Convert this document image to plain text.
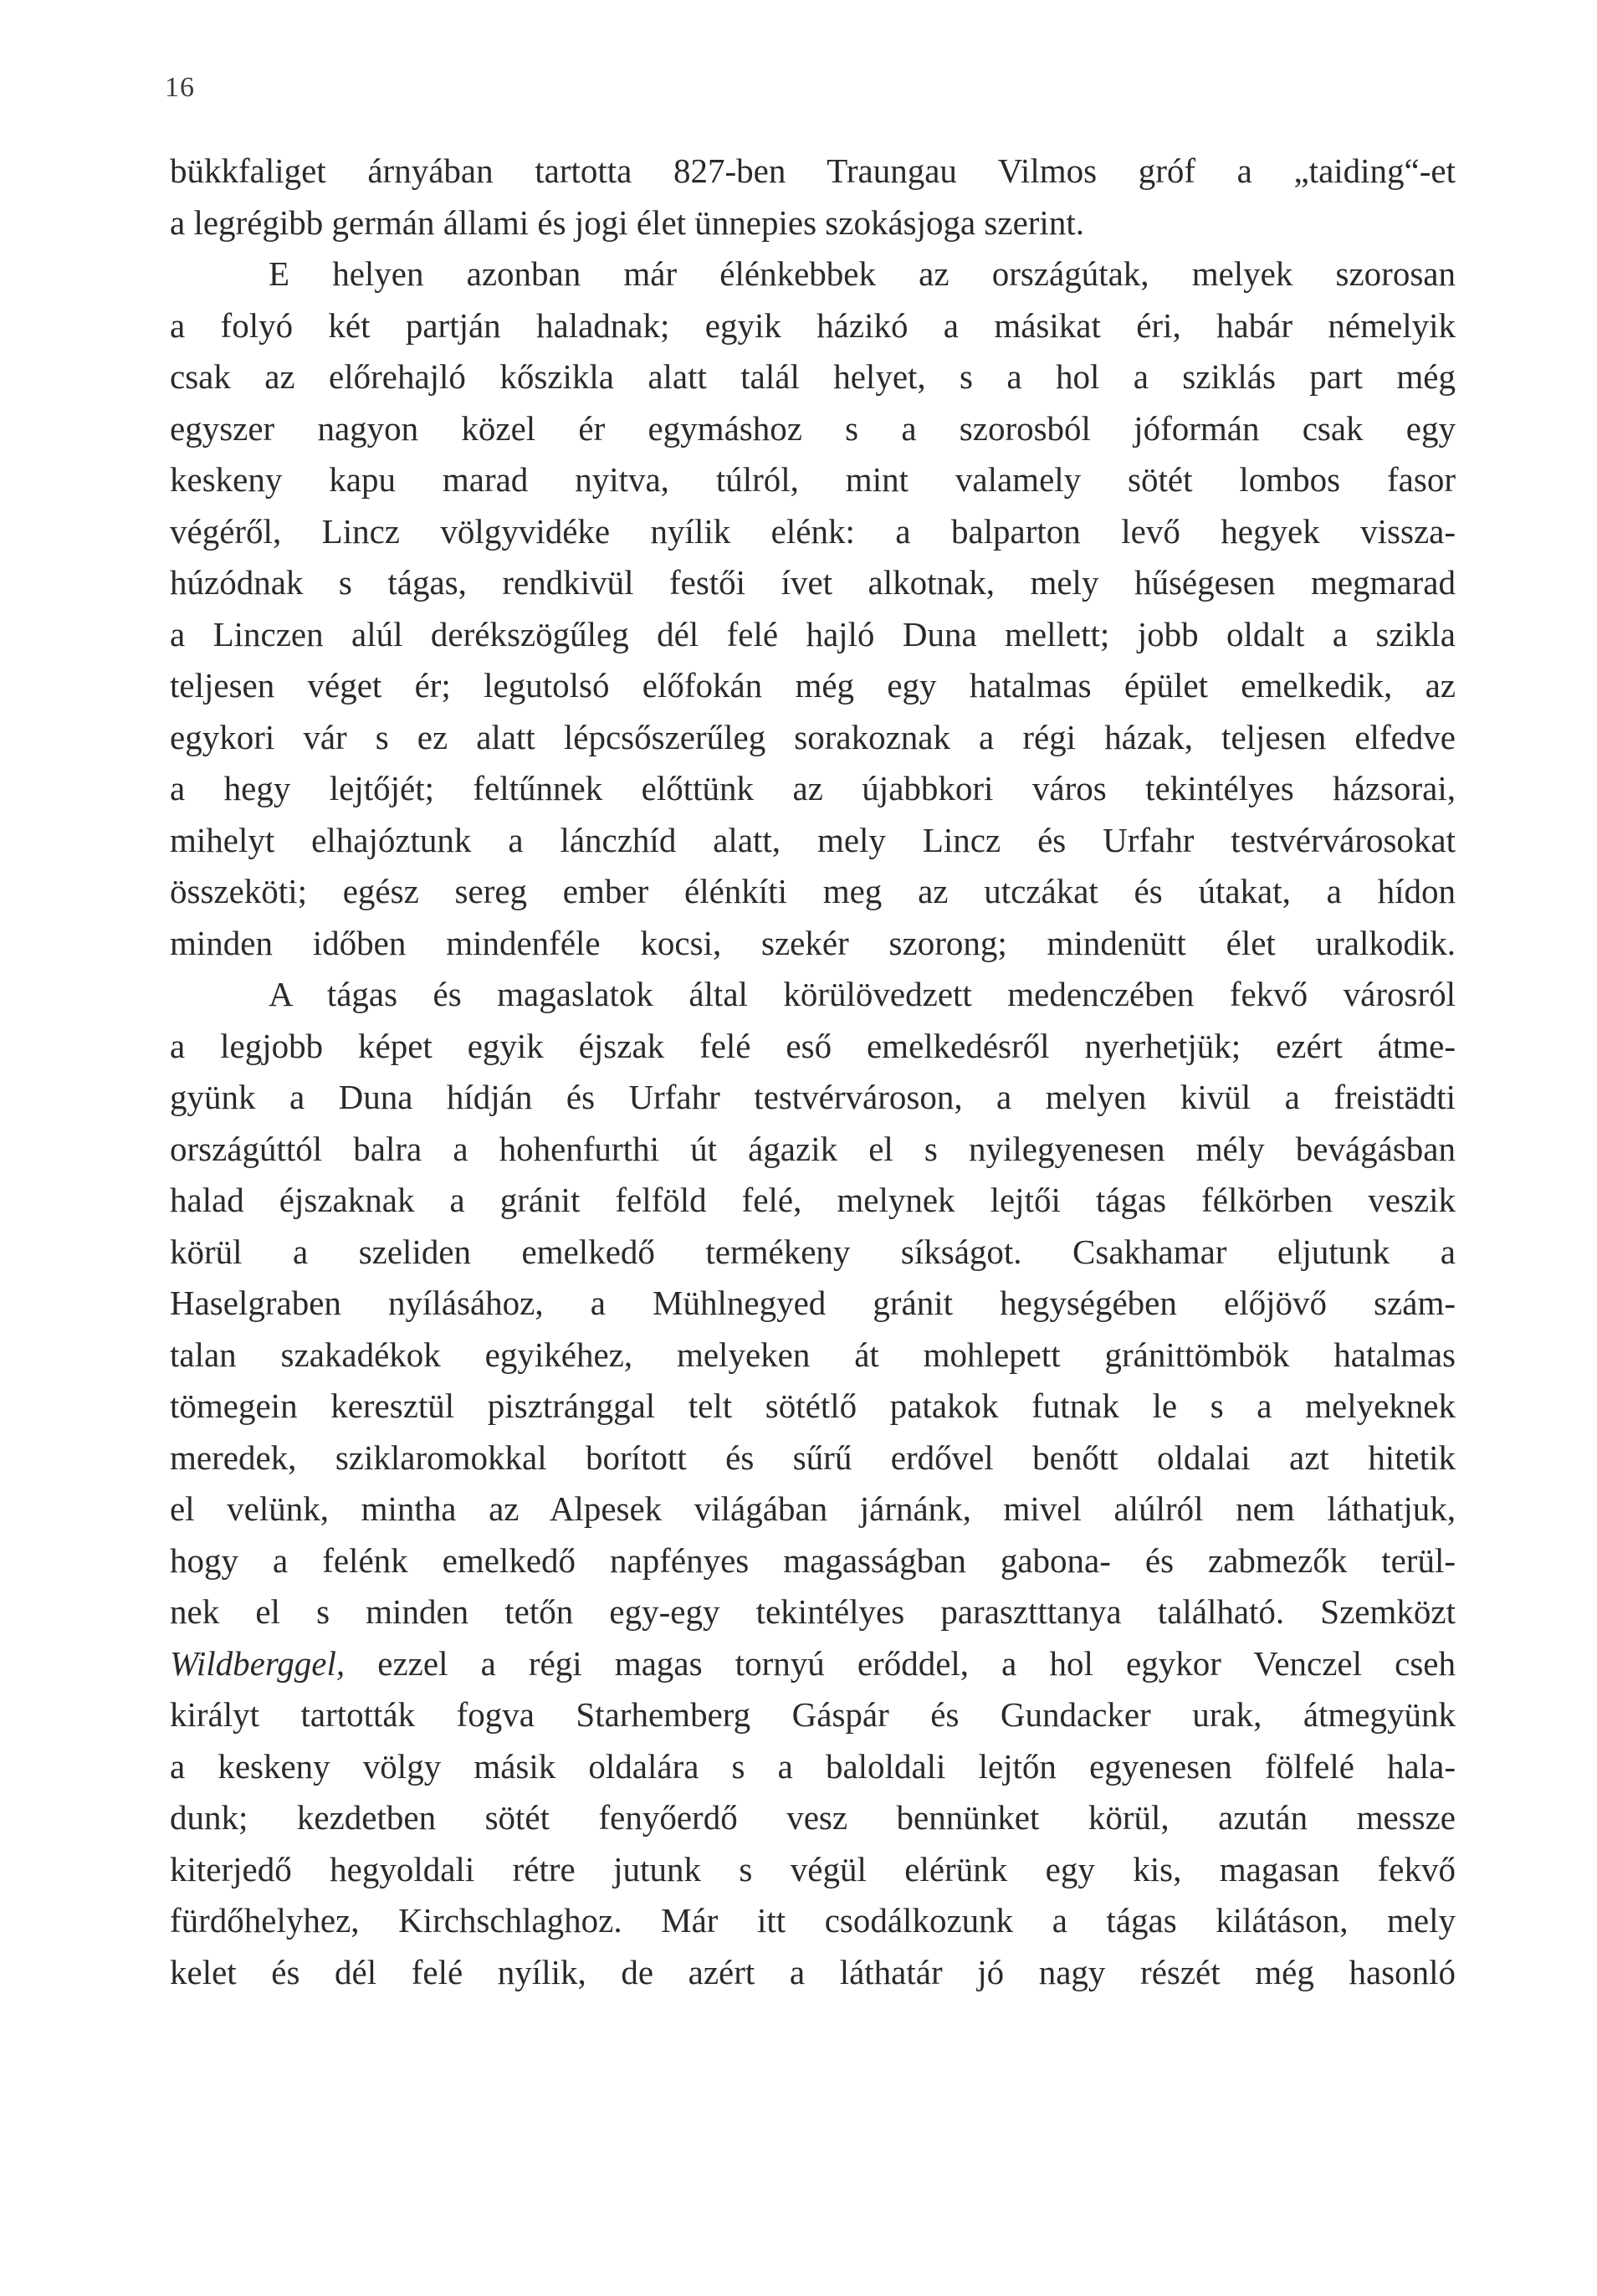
16
bükkfaliget árnyában tartotta 827-ben Traungau Vilmos gróf a „taiding“-et
a legrégibb germán állami és jogi élet ünnepies szokásjoga szerint.
E helyen azonban már élénkebbek az országútak, melyek szorosan
a folyó két partján haladnak; egyik házikó a másikat éri, habár némelyik
csak az előrehajló kőszikla alatt talál helyet, s a hol a sziklás part még
egyszer nagyon közel ér egymáshoz s a szorosból jóformán csak egy
keskeny kapu marad nyitva, túlról, mint valamely sötét lombos fasor
végéről, Lincz völgyvidéke nyílik elénk: a balparton levő hegyek vissza-
húzódnak s tágas, rendkivül festői ívet alkotnak, mely hűségesen megmarad
a Linczen alúl derékszögűleg dél felé hajló Duna mellett; jobb oldalt a szikla
teljesen véget ér; legutolsó előfokán még egy hatalmas épület emelkedik, az
egykori vár s ez alatt lépcsőszerűleg sorakoznak a régi házak, teljesen elfedve
a hegy lejtőjét; feltűnnek előttünk az újabbkori város tekintélyes házsorai,
mihelyt elhajóztunk a lánczhíd alatt, mely Lincz és Urfahr testvérvárosokat
összeköti; egész sereg ember élénkíti meg az utczákat és útakat, a hídon
minden időben mindenféle kocsi, szekér szorong; mindenütt élet uralkodik.
A tágas és magaslatok által körülövedzett medenczében fekvő városról
a legjobb képet egyik éjszak felé eső emelkedésről nyerhetjük; ezért átme-
gyünk a Duna hídján és Urfahr testvérvároson, a melyen kivül a freistädti
országúttól balra a hohenfurthi út ágazik el s nyilegyenesen mély bevágásban
halad éjszaknak a gránit felföld felé, melynek lejtői tágas félkörben veszik
körül a szeliden emelkedő termékeny síkságot. Csakhamar eljutunk a
Haselgraben nyílásához, a Mühlnegyed gránit hegységében előjövő szám-
talan szakadékok egyikéhez, melyeken át mohlepett gránittömbök hatalmas
tömegein keresztül pisztránggal telt sötétlő patakok futnak le s a melyeknek
meredek, sziklaromokkal borított és sűrű erdővel benőtt oldalai azt hitetik
el velünk, mintha az Alpesek világában járnánk, mivel alúlról nem láthatjuk,
hogy a felénk emelkedő napfényes magasságban gabona- és zabmezők terül-
nek el s minden tetőn egy-egy tekintélyes parasztttanya található. Szemközt
Wildberggel, ezzel a régi magas tornyú erőddel, a hol egykor Venczel cseh
királyt tartották fogva Starhemberg Gáspár és Gundacker urak, átmegyünk
a keskeny völgy másik oldalára s a baloldali lejtőn egyenesen fölfelé hala-
dunk; kezdetben sötét fenyőerdő vesz bennünket körül, azután messze
kiterjedő hegyoldali rétre jutunk s végül elérünk egy kis, magasan fekvő
fürdőhelyhez, Kirchschlaghoz. Már itt csodálkozunk a tágas kilátáson, mely
kelet és dél felé nyílik, de azért a láthatár jó nagy részét még hasonló
